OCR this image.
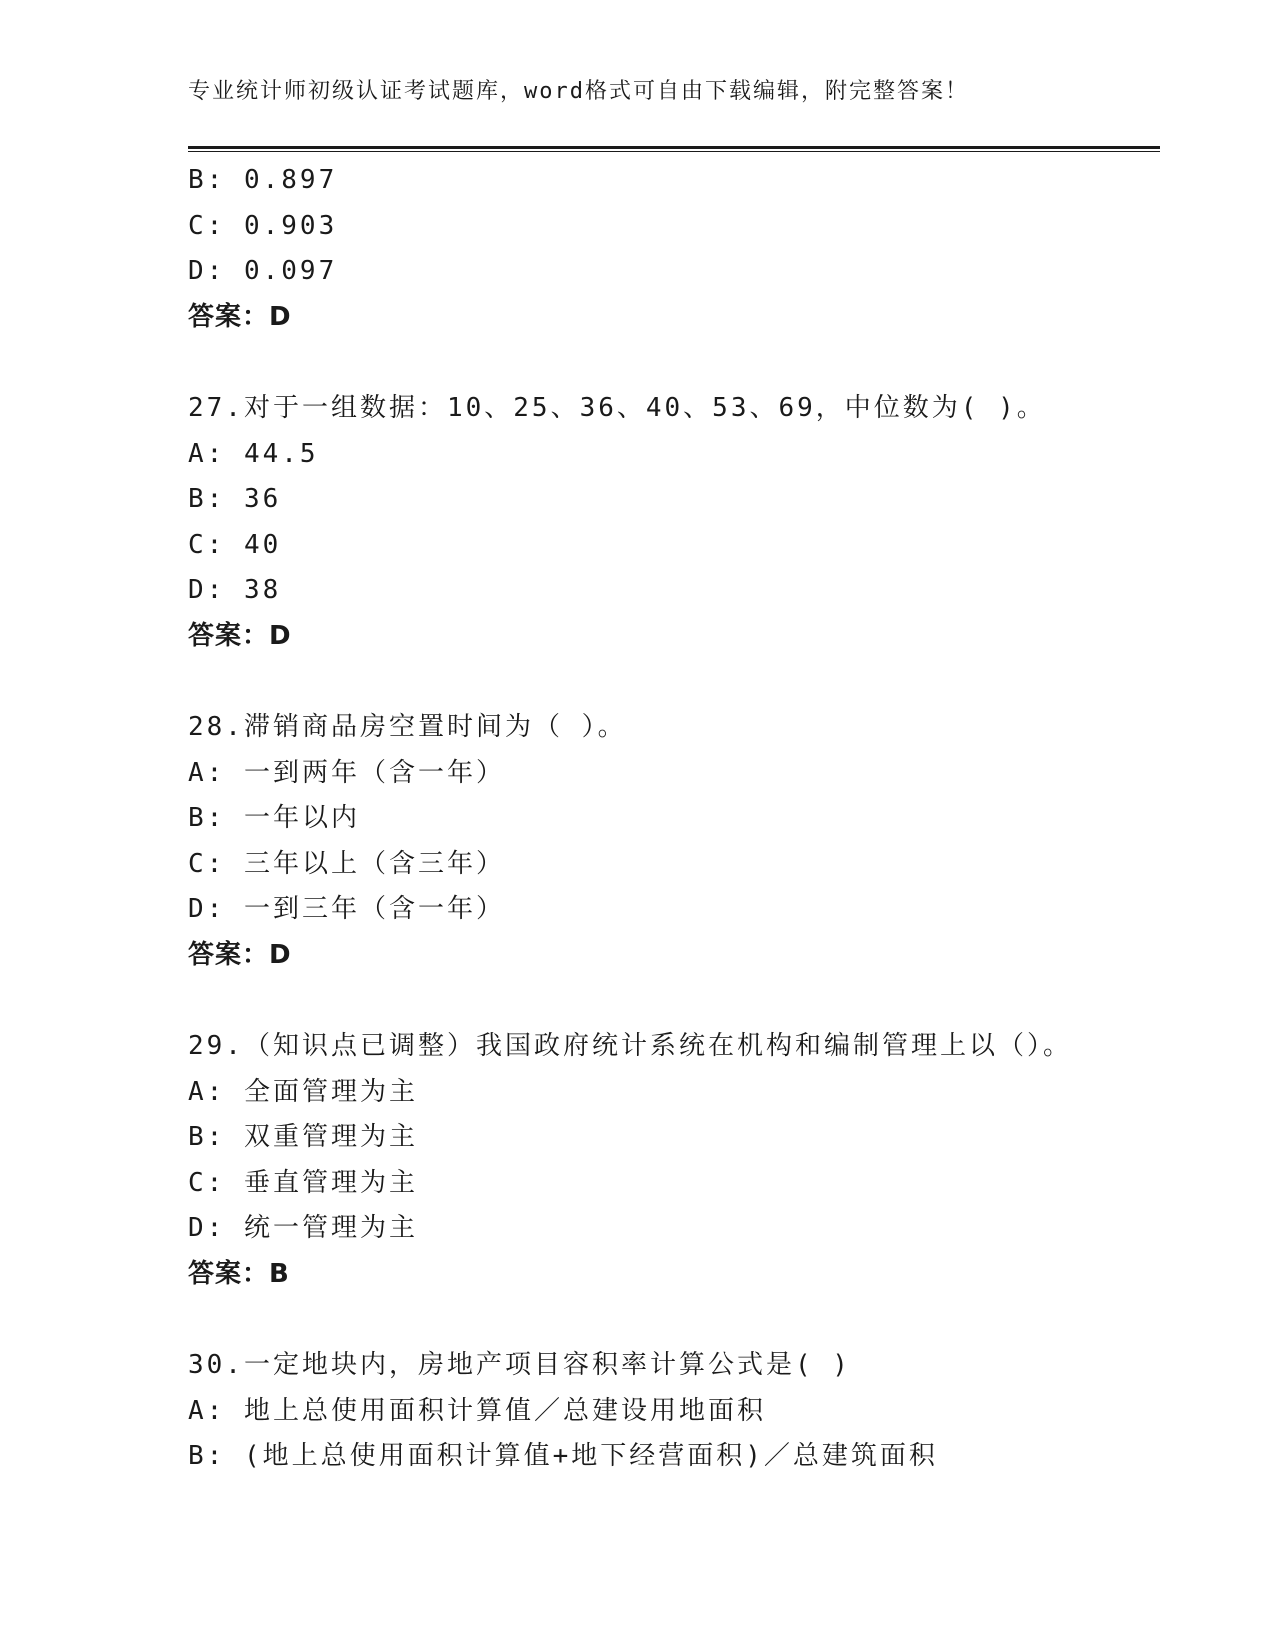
专业统计师初级认证考试题库，word格式可自由下载编辑，附完整答案！
B: 0.897
C: 0.903
D: 0.097
答案：D
27.对于一组数据：10、25、36、40、53、69，中位数为( )。
A: 44.5
B: 36
C: 40
D: 38
答案：D
28.滞销商品房空置时间为（ ）。
A: 一到两年（含一年）
B: 一年以内
C: 三年以上（含三年）
D: 一到三年（含一年）
答案：D
29.（知识点已调整）我国政府统计系统在机构和编制管理上以（）。
A: 全面管理为主
B: 双重管理为主
C: 垂直管理为主
D: 统一管理为主
答案：B
30.一定地块内，房地产项目容积率计算公式是( )
A: 地上总使用面积计算值／总建设用地面积
B: (地上总使用面积计算值+地下经营面积)／总建筑面积
